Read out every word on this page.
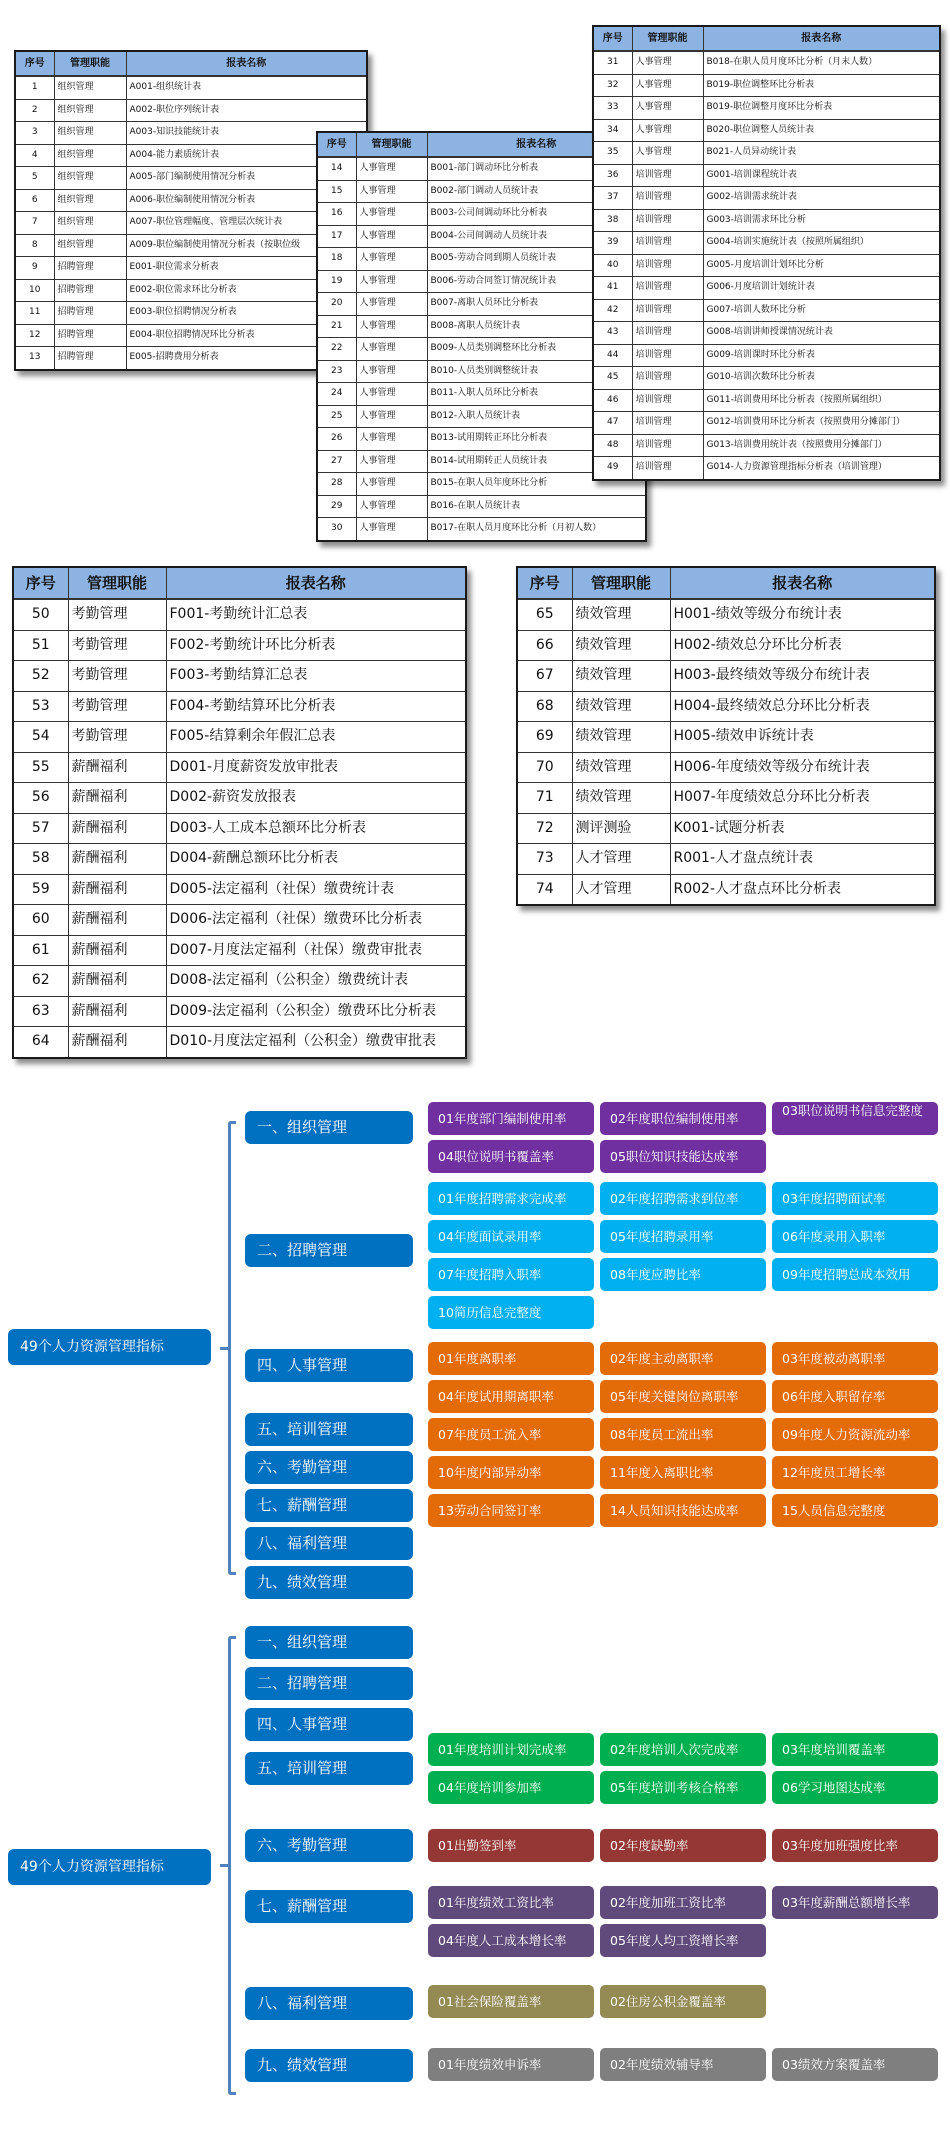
序号	管理职能	报表名称
1	组织管理	A001-组织统计表
2	组织管理	A002-职位序列统计表
3	组织管理	A003-知识技能统计表
4	组织管理	A004-能力素质统计表
5	组织管理	A005-部门编制使用情况分析表
6	组织管理	A006-职位编制使用情况分析表
7	组织管理	A007-职位管理幅度、管理层次统计表
8	组织管理	A009-职位编制使用情况分析表（按职位级
9	招聘管理	E001-职位需求分析表
10	招聘管理	E002-职位需求环比分析表
11	招聘管理	E003-职位招聘情况分析表
12	招聘管理	E004-职位招聘情况环比分析表
13	招聘管理	E005-招聘费用分析表
序号	管理职能	报表名称
14	人事管理	B001-部门调动环比分析表
15	人事管理	B002-部门调动人员统计表
16	人事管理	B003-公司间调动环比分析表
17	人事管理	B004-公司间调动人员统计表
18	人事管理	B005-劳动合同到期人员统计表
19	人事管理	B006-劳动合同签订情况统计表
20	人事管理	B007-离职人员环比分析表
21	人事管理	B008-离职人员统计表
22	人事管理	B009-人员类别调整环比分析表
23	人事管理	B010-人员类别调整统计表
24	人事管理	B011-入职人员环比分析表
25	人事管理	B012-入职人员统计表
26	人事管理	B013-试用期转正环比分析表
27	人事管理	B014-试用期转正人员统计表
28	人事管理	B015-在职人员年度环比分析
29	人事管理	B016-在职人员统计表
30	人事管理	B017-在职人员月度环比分析（月初人数）
序号	管理职能	报表名称
31	人事管理	B018-在职人员月度环比分析（月末人数）
32	人事管理	B019-职位调整环比分析表
33	人事管理	B019-职位调整月度环比分析表
34	人事管理	B020-职位调整人员统计表
35	人事管理	B021-人员异动统计表
36	培训管理	G001-培训课程统计表
37	培训管理	G002-培训需求统计表
38	培训管理	G003-培训需求环比分析
39	培训管理	G004-培训实施统计表（按照所属组织）
40	培训管理	G005-月度培训计划环比分析
41	培训管理	G006-月度培训计划统计表
42	培训管理	G007-培训人数环比分析
43	培训管理	G008-培训讲师授课情况统计表
44	培训管理	G009-培训课时环比分析表
45	培训管理	G010-培训次数环比分析表
46	培训管理	G011-培训费用环比分析表（按照所属组织）
47	培训管理	G012-培训费用环比分析表（按照费用分摊部门）
48	培训管理	G013-培训费用统计表（按照费用分摊部门）
49	培训管理	G014-人力资源管理指标分析表（培训管理）
序号	管理职能	报表名称
50	考勤管理	F001-考勤统计汇总表
51	考勤管理	F002-考勤统计环比分析表
52	考勤管理	F003-考勤结算汇总表
53	考勤管理	F004-考勤结算环比分析表
54	考勤管理	F005-结算剩余年假汇总表
55	薪酬福利	D001-月度薪资发放审批表
56	薪酬福利	D002-薪资发放报表
57	薪酬福利	D003-人工成本总额环比分析表
58	薪酬福利	D004-薪酬总额环比分析表
59	薪酬福利	D005-法定福利（社保）缴费统计表
60	薪酬福利	D006-法定福利（社保）缴费环比分析表
61	薪酬福利	D007-月度法定福利（社保）缴费审批表
62	薪酬福利	D008-法定福利（公积金）缴费统计表
63	薪酬福利	D009-法定福利（公积金）缴费环比分析表
64	薪酬福利	D010-月度法定福利（公积金）缴费审批表
序号	管理职能	报表名称
65	绩效管理	H001-绩效等级分布统计表
66	绩效管理	H002-绩效总分环比分析表
67	绩效管理	H003-最终绩效等级分布统计表
68	绩效管理	H004-最终绩效总分环比分析表
69	绩效管理	H005-绩效申诉统计表
70	绩效管理	H006-年度绩效等级分布统计表
71	绩效管理	H007-年度绩效总分环比分析表
72	测评测验	K001-试题分析表
73	人才管理	R001-人才盘点统计表
74	人才管理	R002-人才盘点环比分析表
49个人力资源管理指标
一、组织管理
二、招聘管理
四、人事管理
五、培训管理
六、考勤管理
七、薪酬管理
八、福利管理
九、绩效管理
01年度部门编制使用率	02年度职位编制使用率
03职位说明书信息完整度
04职位说明书覆盖率	05职位知识技能达成率
01年度招聘需求完成率	02年度招聘需求到位率	03年度招聘面试率
04年度面试录用率	05年度招聘录用率	06年度录用入职率
07年度招聘入职率	08年度应聘比率	09年度招聘总成本效用
10简历信息完整度
01年度离职率	02年度主动离职率	03年度被动离职率
04年度试用期离职率	05年度关键岗位离职率	06年度入职留存率
07年度员工流入率	08年度员工流出率	09年度人力资源流动率
10年度内部异动率	11年度入离职比率	12年度员工增长率
13劳动合同签订率	14人员知识技能达成率	15人员信息完整度
49个人力资源管理指标
一、组织管理
二、招聘管理
四、人事管理
五、培训管理
六、考勤管理
七、薪酬管理
八、福利管理
九、绩效管理
01年度培训计划完成率	02年度培训人次完成率	03年度培训覆盖率
04年度培训参加率	05年度培训考核合格率	06学习地图达成率
01出勤签到率	02年度缺勤率	03年度加班强度比率
01年度绩效工资比率	02年度加班工资比率	03年度薪酬总额增长率
04年度人工成本增长率	05年度人均工资增长率
01社会保险覆盖率	02住房公积金覆盖率
01年度绩效申诉率	02年度绩效辅导率	03绩效方案覆盖率
